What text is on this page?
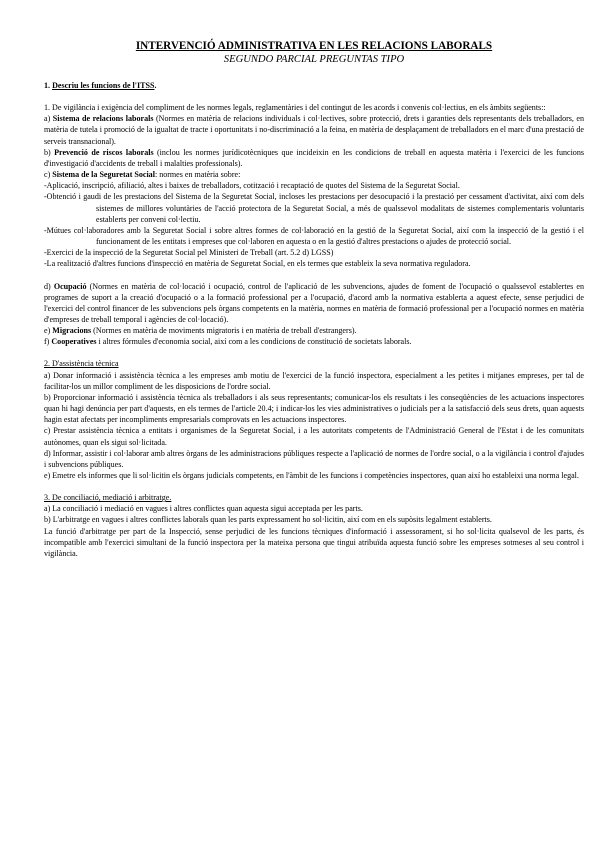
INTERVENCIÓ ADMINISTRATIVA EN LES RELACIONS LABORALS
SEGUNDO PARCIAL PREGUNTAS TIPO

1. Descriu les funcions de l'ITSS.

1. De vigilància i exigència del compliment de les normes legals, reglamentàries i del contingut de les acords i convenis col·lectius, en els àmbits següents::

a) Sistema de relacions laborals (Normes en matèria de relacions individuals i col·lectives, sobre protecció, drets i garanties dels representants dels treballadors, en matèria de tutela i promoció de la igualtat de tracte i oportunitats i no-discriminació a la feina, en matèria de desplaçament de treballadors en el marc d'una prestació de serveis transnacional).

b) Prevenció de riscos laborals (inclou les normes jurídicotècniques que incideixin en les condicions de treball en aquesta matèria i l'exercici de les funcions d'investigació d'accidents de treball i malalties professionals).

c) Sistema de la Seguretat Social: normes en matèria sobre:

-Aplicació, inscripció, afiliació, altes i baixes de treballadors, cotització i recaptació de quotes del Sistema de la Seguretat Social.

-Obtenció i gaudi de les prestacions del Sistema de la Seguretat Social, incloses les prestacions per desocupació i la prestació per cessament d'activitat, així com dels sistemes de millores voluntàries de l'acció protectora de la Seguretat Social, a més de qualssevol modalitats de sistemes complementaris voluntaris establerts per conveni col·lectiu.

-Mútues col·laboradores amb la Seguretat Social i sobre altres formes de col·laboració en la gestió de la Seguretat Social, així com la inspecció de la gestió i el funcionament de les entitats i empreses que col·laboren en aquesta o en la gestió d'altres prestacions o ajudes de protecció social.

-Exercici de la inspecció de la Seguretat Social pel Ministeri de Treball (art. 5.2 d) LGSS)

-La realització d'altres funcions d'inspecció en matèria de Seguretat Social, en els termes que estableix la seva normativa reguladora.

d) Ocupació (Normes en matèria de col·locació i ocupació, control de l'aplicació de les subvencions, ajudes de foment de l'ocupació o qualssevol establertes en programes de suport a la creació d'ocupació o a la formació professional per a l'ocupació, d'acord amb la normativa establerta a aquest efecte, sense perjudici de l'exercici del control financer de les subvencions pels òrgans competents en la matèria, normes en matèria de formació professional per a l'ocupació normes en matèria d'empreses de treball temporal i agències de col·locació).

e) Migracions (Normes en matèria de moviments migratoris i en matèria de treball d'estrangers).

f) Cooperatives i altres fórmules d'economia social, així com a les condicions de constitució de societats laborals.

2. D'assistència tècnica

a) Donar informació i assistència tècnica a les empreses amb motiu de l'exercici de la funció inspectora, especialment a les petites i mitjanes empreses, per tal de facilitar-los un millor compliment de les disposicions de l'ordre social.

b) Proporcionar informació i assistència tècnica als treballadors i als seus representants; comunicar-los els resultats i les conseqüències de les actuacions inspectores quan hi hagi denúncia per part d'aquests, en els termes de l'article 20.4; i indicar-los les vies administratives o judicials per a la satisfacció dels seus drets, quan aquests hagin estat afectats per incompliments empresarials comprovats en les actuacions inspectores.

c) Prestar assistència tècnica a entitats i organismes de la Seguretat Social, i a les autoritats competents de l'Administració General de l'Estat i de les comunitats autònomes, quan els sigui sol·licitada.

d) Informar, assistir i col·laborar amb altres òrgans de les administracions públiques respecte a l'aplicació de normes de l'ordre social, o a la vigilància i control d'ajudes i subvencions públiques.

e) Emetre els informes que li sol·licitin els òrgans judicials competents, en l'àmbit de les funcions i competències inspectores, quan així ho estableixi una norma legal.

3. De conciliació, mediació i arbitratge.

a) La conciliació i mediació en vagues i altres conflictes quan aquesta sigui acceptada per les parts.

b) L'arbitratge en vagues i altres conflictes laborals quan les parts expressament ho sol·licitin, així com en els supòsits legalment establerts.

La funció d'arbitratge per part de la Inspecció, sense perjudici de les funcions tècniques d'informació i assessorament, si ho sol·licita qualsevol de les parts, és incompatible amb l'exercici simultani de la funció inspectora per la mateixa persona que tingui atribuïda aquesta funció sobre les empreses sotmeses al seu control i vigilància.
